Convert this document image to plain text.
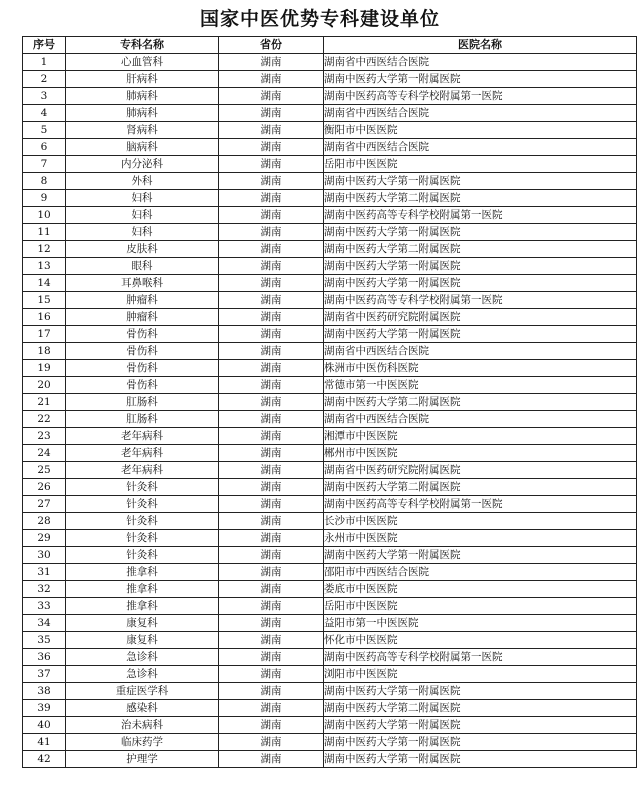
国家中医优势专科建设单位
序号	专科名称	省份	医院名称
1	心血管科	湖南	湖南省中西医结合医院
2	肝病科	湖南	湖南中医药大学第一附属医院
3	肺病科	湖南	湖南中医药高等专科学校附属第一医院
4	肺病科	湖南	湖南省中西医结合医院
5	肾病科	湖南	衡阳市中医医院
6	脑病科	湖南	湖南省中西医结合医院
7	内分泌科	湖南	岳阳市中医医院
8	外科	湖南	湖南中医药大学第一附属医院
9	妇科	湖南	湖南中医药大学第二附属医院
10	妇科	湖南	湖南中医药高等专科学校附属第一医院
11	妇科	湖南	湖南中医药大学第一附属医院
12	皮肤科	湖南	湖南中医药大学第二附属医院
13	眼科	湖南	湖南中医药大学第一附属医院
14	耳鼻喉科	湖南	湖南中医药大学第一附属医院
15	肿瘤科	湖南	湖南中医药高等专科学校附属第一医院
16	肿瘤科	湖南	湖南省中医药研究院附属医院
17	骨伤科	湖南	湖南中医药大学第一附属医院
18	骨伤科	湖南	湖南省中西医结合医院
19	骨伤科	湖南	株洲市中医伤科医院
20	骨伤科	湖南	常德市第一中医医院
21	肛肠科	湖南	湖南中医药大学第二附属医院
22	肛肠科	湖南	湖南省中西医结合医院
23	老年病科	湖南	湘潭市中医医院
24	老年病科	湖南	郴州市中医医院
25	老年病科	湖南	湖南省中医药研究院附属医院
26	针灸科	湖南	湖南中医药大学第二附属医院
27	针灸科	湖南	湖南中医药高等专科学校附属第一医院
28	针灸科	湖南	长沙市中医医院
29	针灸科	湖南	永州市中医医院
30	针灸科	湖南	湖南中医药大学第一附属医院
31	推拿科	湖南	邵阳市中西医结合医院
32	推拿科	湖南	娄底市中医医院
33	推拿科	湖南	岳阳市中医医院
34	康复科	湖南	益阳市第一中医医院
35	康复科	湖南	怀化市中医医院
36	急诊科	湖南	湖南中医药高等专科学校附属第一医院
37	急诊科	湖南	浏阳市中医医院
38	重症医学科	湖南	湖南中医药大学第一附属医院
39	感染科	湖南	湖南中医药大学第二附属医院
40	治未病科	湖南	湖南中医药大学第一附属医院
41	临床药学	湖南	湖南中医药大学第一附属医院
42	护理学	湖南	湖南中医药大学第一附属医院
